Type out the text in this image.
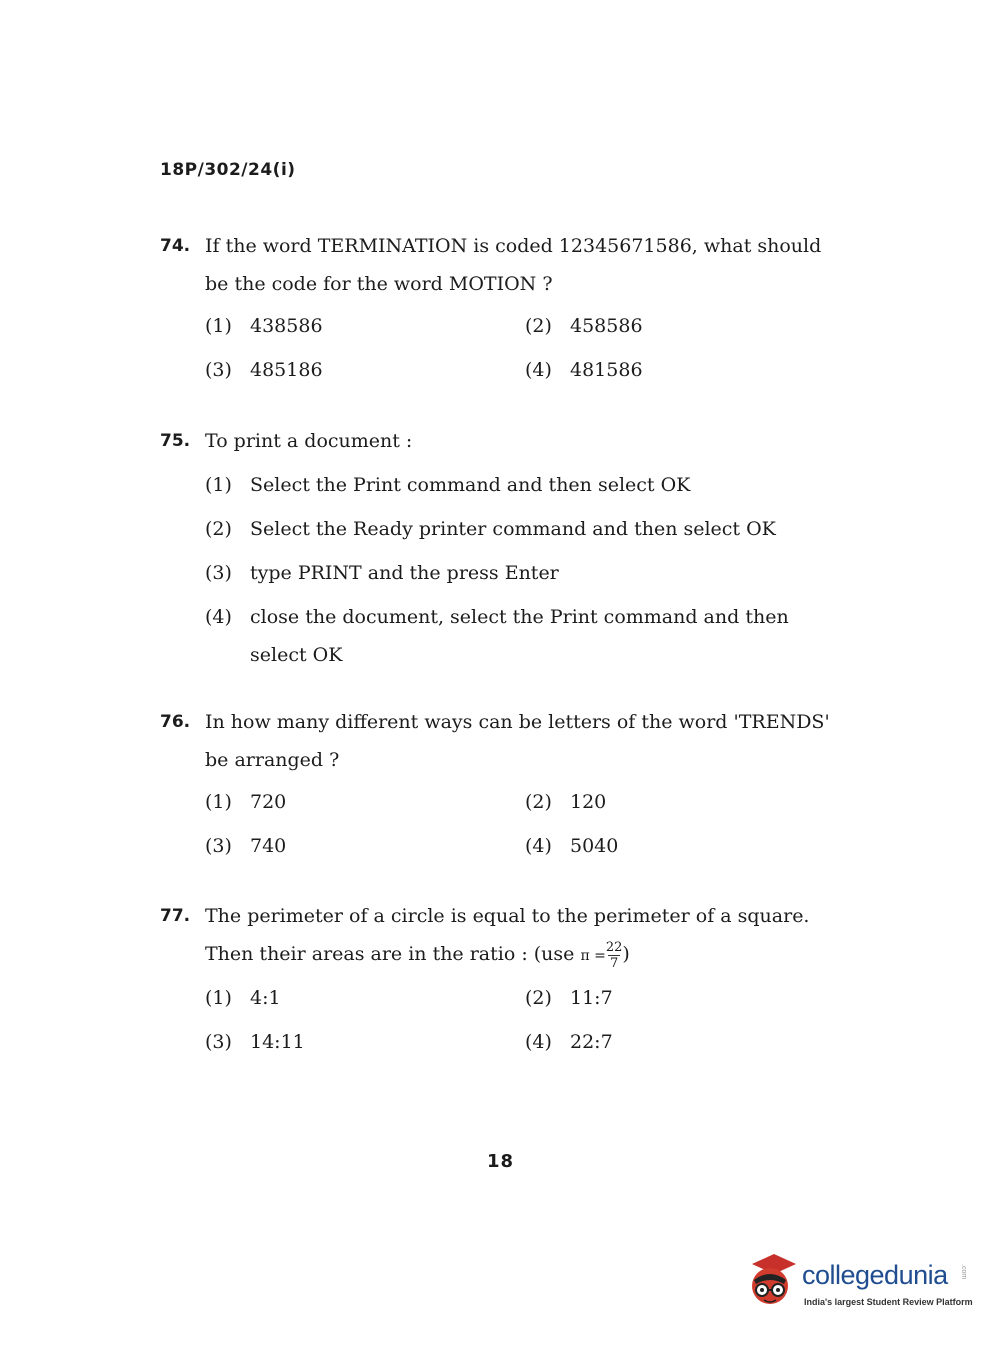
18P/302/24(i)
74. If the word TERMINATION is coded 12345671586, what should be the code for the word MOTION ?
(1) 438586	(2) 458586
(3) 485186	(4) 481586
75. To print a document :
(1) Select the Print command and then select OK
(2) Select the Ready printer command and then select OK
(3) type PRINT and the press Enter
(4) close the document, select the Print command and then select OK
76. In how many different ways can be letters of the word 'TRENDS' be arranged ?
(1) 720	(2) 120
(3) 740	(4) 5040
77. The perimeter of a circle is equal to the perimeter of a square. Then their areas are in the ratio : (use $\pi = \frac{22}{7}$ )
(1) 4:1	(2) 11:7
(3) 14:11	(4) 22:7
18
collegedunia .com
India's largest Student Review Platform
